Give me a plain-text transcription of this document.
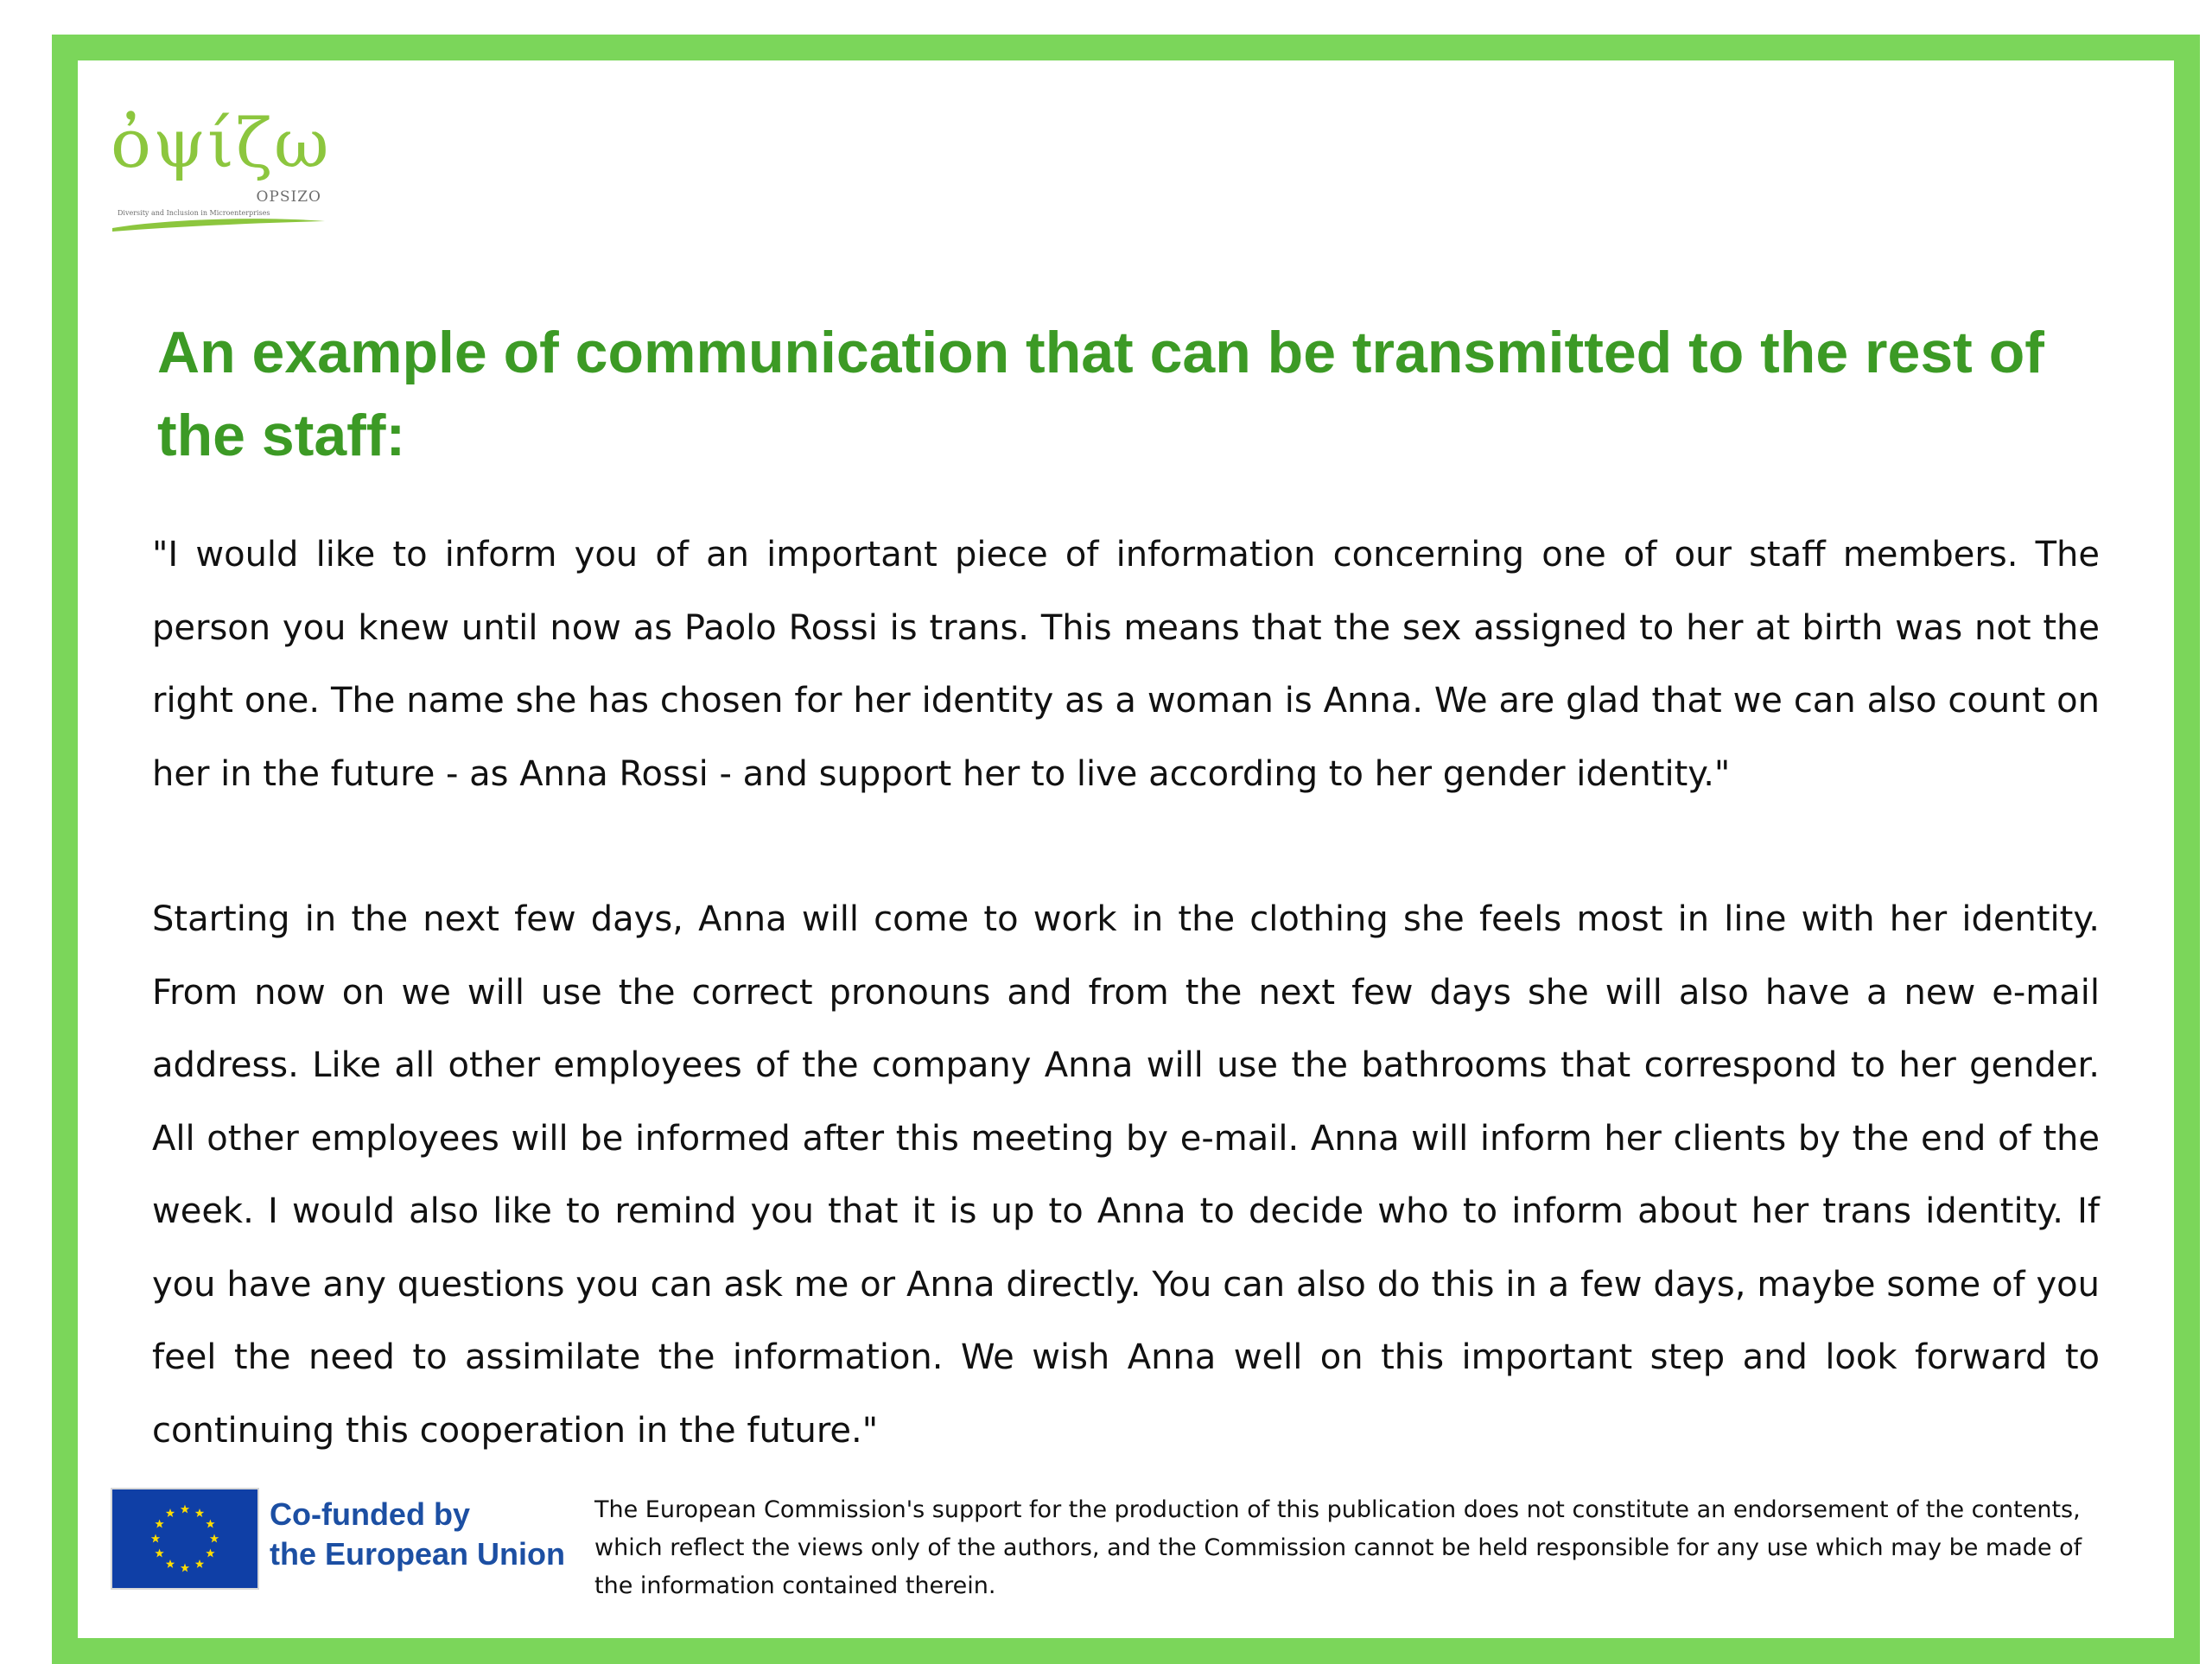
ὀψίζω
OPSIZO
Diversity and Inclusion in Microenterprises
An example of communication that can be transmitted to the rest of the staff:

"I would like to inform you of an important piece of information concerning one of our staff members. The person you knew until now as Paolo Rossi is trans. This means that the sex assigned to her at birth was not the right one. The name she has chosen for her identity as a woman is Anna. We are glad that we can also count on her in the future - as Anna Rossi - and support her to live according to her gender identity."

Starting in the next few days, Anna will come to work in the clothing she feels most in line with her identity. From now on we will use the correct pronouns and from the next few days she will also have a new e-mail address. Like all other employees of the company Anna will use the bathrooms that correspond to her gender. All other employees will be informed after this meeting by e-mail. Anna will inform her clients by the end of the week. I would also like to remind you that it is up to Anna to decide who to inform about her trans identity. If you have any questions you can ask me or Anna directly. You can also do this in a few days, maybe some of you feel the need to assimilate the information. We wish Anna well on this important step and look forward to continuing this cooperation in the future."

Co-funded by
the European Union

The European Commission's support for the production of this publication does not constitute an endorsement of the contents, which reflect the views only of the authors, and the Commission cannot be held responsible for any use which may be made of the information contained therein.
